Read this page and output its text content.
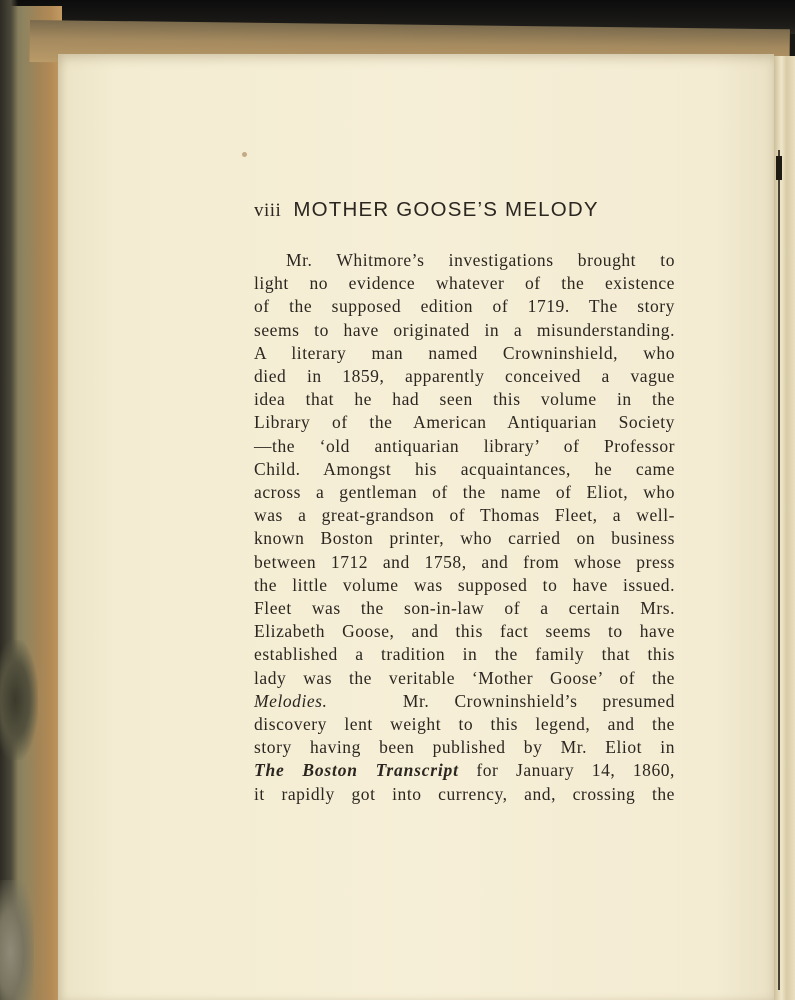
viii MOTHER GOOSE’S MELODY
Mr. Whitmore’s investigations brought to
light no evidence whatever of the existence
of the supposed edition of 1719. The story
seems to have originated in a misunderstanding.
A literary man named Crowninshield, who
died in 1859, apparently conceived a vague
idea that he had seen this volume in the
Library of the American Antiquarian Society
—the ‘old antiquarian library’ of Professor
Child. Amongst his acquaintances, he came
across a gentleman of the name of Eliot, who
was a great-grandson of Thomas Fleet, a well-
known Boston printer, who carried on business
between 1712 and 1758, and from whose press
the little volume was supposed to have issued.
Fleet was the son-in-law of a certain Mrs.
Elizabeth Goose, and this fact seems to have
established a tradition in the family that this
lady was the veritable ‘Mother Goose’ of the
Melodies.	Mr. Crowninshield’s presumed
discovery lent weight to this legend, and the
story having been published by Mr. Eliot in
The Boston Transcript for January 14, 1860,
it rapidly got into currency, and, crossing the
